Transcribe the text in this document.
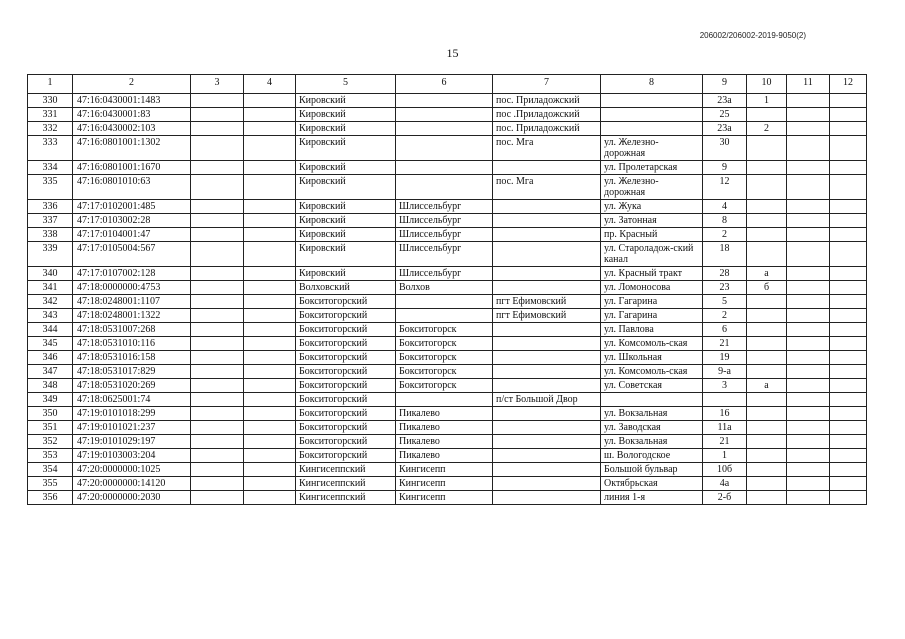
206002/206002-2019-9050(2)
15
1	2	3	4	5	6	7	8	9	10	11	12
330	47:16:0430001:1483			Кировский		пос. Приладожский		23а	1		
331	47:16:0430001:83			Кировский		пос .Приладожский		25			
332	47:16:0430002:103			Кировский		пос. Приладожский		23а	2		
333	47:16:0801001:1302			Кировский		пос. Мга	ул. Железно-дорожная	30			
334	47:16:0801001:1670			Кировский			ул. Пролетарская	9			
335	47:16:0801010:63			Кировский		пос. Мга	ул. Железно-дорожная	12			
336	47:17:0102001:485			Кировский	Шлиссельбург		ул. Жука	4			
337	47:17:0103002:28			Кировский	Шлиссельбург		ул. Затонная	8			
338	47:17:0104001:47			Кировский	Шлиссельбург		пр. Красный	2			
339	47:17:0105004:567			Кировский	Шлиссельбург		ул. Староладож-ский канал	18			
340	47:17:0107002:128			Кировский	Шлиссельбург		ул. Красный тракт	28	а		
341	47:18:0000000:4753			Волховский	Волхов		ул. Ломоносова	23	б		
342	47:18:0248001:1107			Бокситогорский		пгт Ефимовский	ул. Гагарина	5			
343	47:18:0248001:1322			Бокситогорский		пгт Ефимовский	ул. Гагарина	2			
344	47:18:0531007:268			Бокситогорский	Бокситогорск		ул. Павлова	6			
345	47:18:0531010:116			Бокситогорский	Бокситогорск		ул. Комсомоль-ская	21			
346	47:18:0531016:158			Бокситогорский	Бокситогорск		ул. Школьная	19			
347	47:18:0531017:829			Бокситогорский	Бокситогорск		ул. Комсомоль-ская	9-а			
348	47:18:0531020:269			Бокситогорский	Бокситогорск		ул. Советская	3	а		
349	47:18:0625001:74			Бокситогорский		п/ст Большой Двор					
350	47:19:0101018:299			Бокситогорский	Пикалево		ул. Вокзальная	16			
351	47:19:0101021:237			Бокситогорский	Пикалево		ул. Заводская	11а			
352	47:19:0101029:197			Бокситогорский	Пикалево		ул. Вокзальная	21			
353	47:19:0103003:204			Бокситогорский	Пикалево		ш. Вологодское	1			
354	47:20:0000000:1025			Кингисеппский	Кингисепп		Большой бульвар	10б			
355	47:20:0000000:14120			Кингисеппский	Кингисепп		Октябрьская	4а			
356	47:20:0000000:2030			Кингисеппский	Кингисепп		линия 1-я	2-б			
